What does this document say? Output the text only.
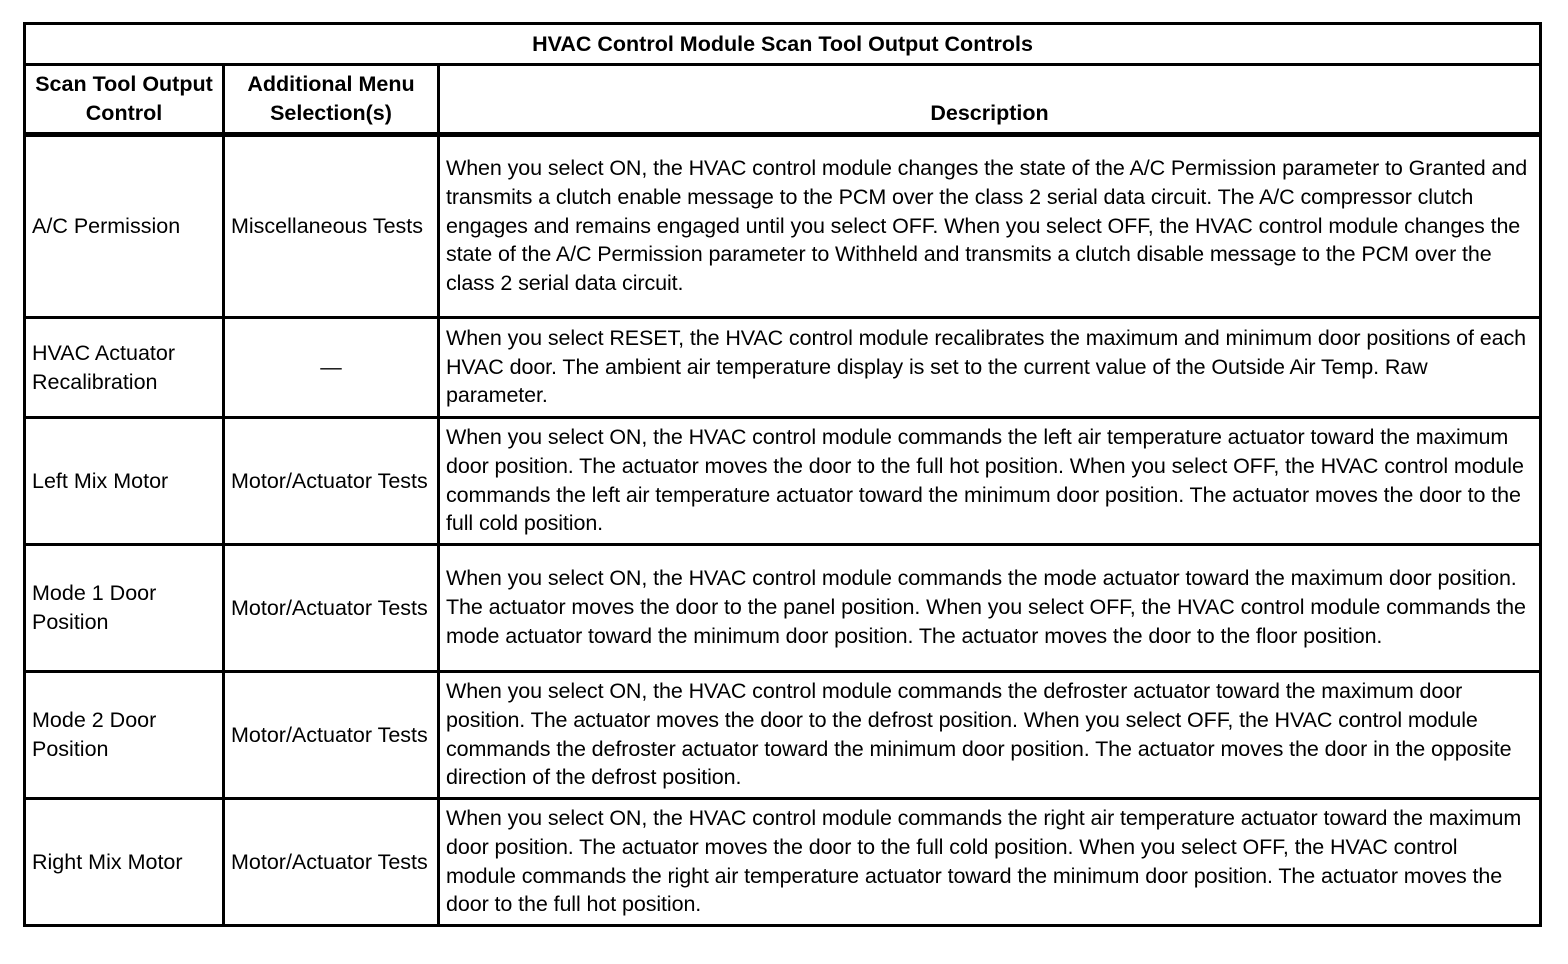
HVAC Control Module Scan Tool Output Controls		
Scan Tool Output Control	Additional Menu Selection(s)	Description
A/C Permission	Miscellaneous Tests	When you select ON, the HVAC control module changes the state of the A/C Permission parameter to Granted and transmits a clutch enable message to the PCM over the class 2 serial data circuit. The A/C compressor clutch engages and remains engaged until you select OFF. When you select OFF, the HVAC control module changes the state of the A/C Permission parameter to Withheld and transmits a clutch disable message to the PCM over the class 2 serial data circuit.
HVAC Actuator Recalibration	—	When you select RESET, the HVAC control module recalibrates the maximum and minimum door positions of each HVAC door. The ambient air temperature display is set to the current value of the Outside Air Temp. Raw parameter.
Left Mix Motor	Motor/Actuator Tests	When you select ON, the HVAC control module commands the left air temperature actuator toward the maximum door position. The actuator moves the door to the full hot position. When you select OFF, the HVAC control module commands the left air temperature actuator toward the minimum door position. The actuator moves the door to the full cold position.
Mode 1 Door Position	Motor/Actuator Tests	When you select ON, the HVAC control module commands the mode actuator toward the maximum door position. The actuator moves the door to the panel position. When you select OFF, the HVAC control module commands the mode actuator toward the minimum door position. The actuator moves the door to the floor position.
Mode 2 Door Position	Motor/Actuator Tests	When you select ON, the HVAC control module commands the defroster actuator toward the maximum door position. The actuator moves the door to the defrost position. When you select OFF, the HVAC control module commands the defroster actuator toward the minimum door position. The actuator moves the door in the opposite direction of the defrost position.
Right Mix Motor	Motor/Actuator Tests	When you select ON, the HVAC control module commands the right air temperature actuator toward the maximum door position. The actuator moves the door to the full cold position. When you select OFF, the HVAC control module commands the right air temperature actuator toward the minimum door position. The actuator moves the door to the full hot position.
